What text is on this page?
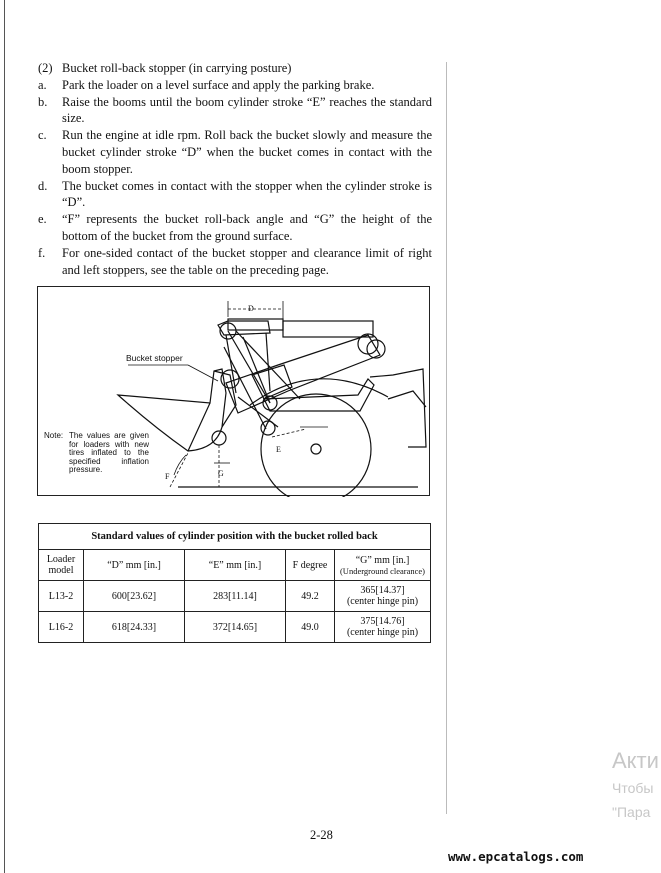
(2) Bucket roll-back stopper (in carrying posture)
a.	Park the loader on a level surface and apply the parking brake.
b.	Raise the booms until the boom cylinder stroke “E” reaches the standard size.
c.	Run the engine at idle rpm. Roll back the bucket slowly and measure the bucket cylinder stroke “D” when the bucket comes in contact with the boom stopper.
d.	The bucket comes in contact with the stopper when the cylinder stroke is “D”.
e.	“F” represents the bucket roll-back angle and “G” the height of the bottom of the bucket from the ground surface.
f.	For one-sided contact of the bucket stopper and clearance limit of right and left stoppers, see the table on the preceding page.
Bucket stopper
Note: The values are given for loaders with new tires inflated to the specified inflation pressure.
D
E
F	G
Standard values of cylinder position with the bucket rolled back				
Loader model	“D” mm [in.]	“E” mm [in.]	F degree	“G” mm [in.]
(Underground clearance)

L13-2	600[23.62]	283[11.14]	49.2	365[14.37]
(center hinge pin)

L16-2	618[24.33]	372[14.65]	49.0	375[14.76]
(center hinge pin)
2-28
Акти
Чтобы
"Пара
www.epcatalogs.com
